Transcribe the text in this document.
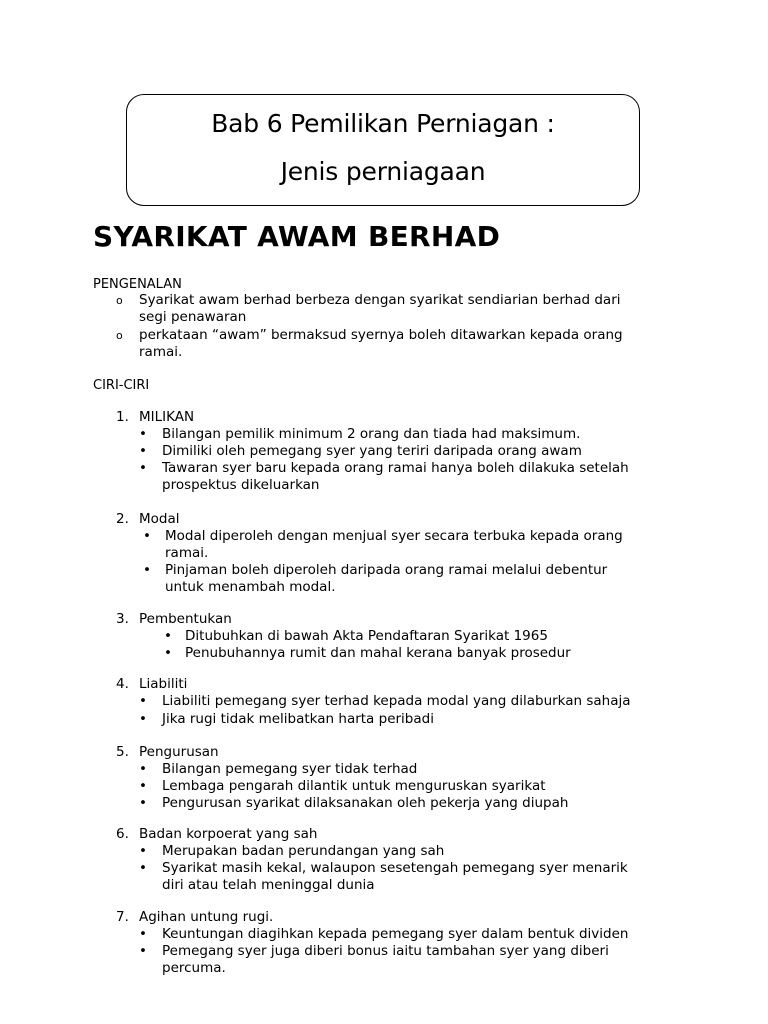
Bab 6 Pemilikan Perniagan :
Jenis perniagaan
SYARIKAT AWAM BERHAD
PENGENALAN
CIRI-CIRI
o Syarikat awam berhad berbeza dengan syarikat sendiarian berhad dari
segi penawaran
o perkataan “awam” bermaksud syernya boleh ditawarkan kepada orang
ramai.
1. MILIKAN
• Bilangan pemilik minimum 2 orang dan tiada had maksimum.
• Dimiliki oleh pemegang syer yang teriri daripada orang awam
• Tawaran syer baru kepada orang ramai hanya boleh dilakuka setelah
prospektus dikeluarkan
2. Modal
• Modal diperoleh dengan menjual syer secara terbuka kepada orang
ramai.
• Pinjaman boleh diperoleh daripada orang ramai melalui debentur
untuk menambah modal.
3. Pembentukan
• Ditubuhkan di bawah Akta Pendaftaran Syarikat 1965
• Penubuhannya rumit dan mahal kerana banyak prosedur
4. Liabiliti
• Liabiliti pemegang syer terhad kepada modal yang dilaburkan sahaja
• Jika rugi tidak melibatkan harta peribadi
5. Pengurusan
• Bilangan pemegang syer tidak terhad
• Lembaga pengarah dilantik untuk menguruskan syarikat
• Pengurusan syarikat dilaksanakan oleh pekerja yang diupah
6. Badan korpoerat yang sah
• Merupakan badan perundangan yang sah
• Syarikat masih kekal, walaupon sesetengah pemegang syer menarik
diri atau telah meninggal dunia
7. Agihan untung rugi.
• Keuntungan diagihkan kepada pemegang syer dalam bentuk dividen
• Pemegang syer juga diberi bonus iaitu tambahan syer yang diberi
percuma.
